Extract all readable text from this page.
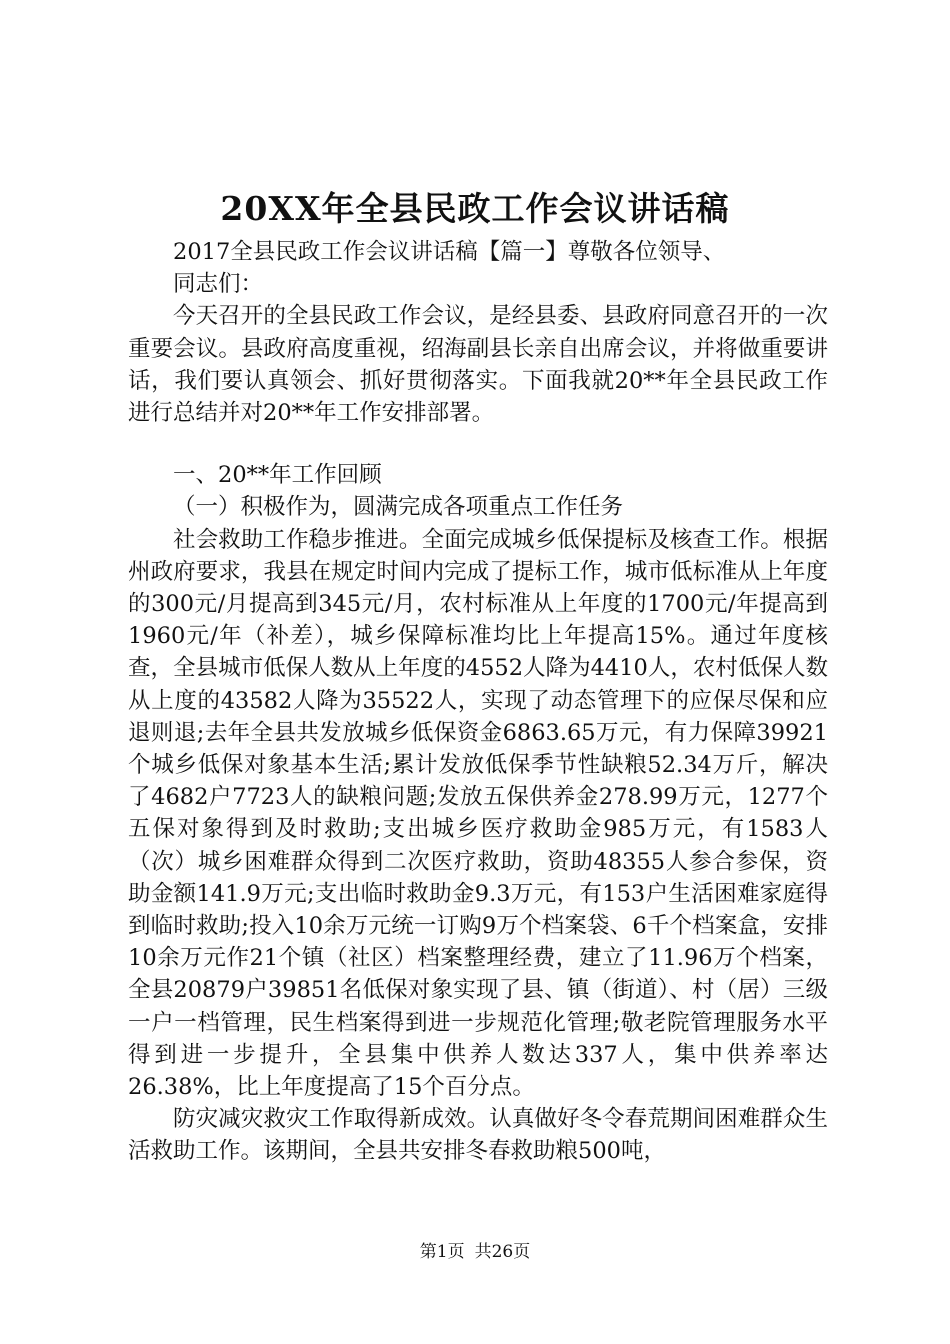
20XX年全县民政工作会议讲话稿

2017全县民政工作会议讲话稿【篇一】尊敬各位领导、

同志们：

今天召开的全县民政工作会议，是经县委、县政府同意召开的一次重要会议。县政府高度重视，绍海副县长亲自出席会议，并将做重要讲话，我们要认真领会、抓好贯彻落实。下面我就20**年全县民政工作进行总结并对20**年工作安排部署。

一、20**年工作回顾

（一）积极作为，圆满完成各项重点工作任务

社会救助工作稳步推进。全面完成城乡低保提标及核查工作。根据州政府要求，我县在规定时间内完成了提标工作，城市低标准从上年度的300元/月提高到345元/月，农村标准从上年度的1700元/年提高到1960元/年（补差），城乡保障标准均比上年提高15%。通过年度核查，全县城市低保人数从上年度的4552人降为4410人，农村低保人数从上度的43582人降为35522人，实现了动态管理下的应保尽保和应退则退;去年全县共发放城乡低保资金6863.65万元，有力保障39921个城乡低保对象基本生活;累计发放低保季节性缺粮52.34万斤，解决了4682户7723人的缺粮问题;发放五保供养金278.99万元，1277个五保对象得到及时救助;支出城乡医疗救助金985万元，有1583人（次）城乡困难群众得到二次医疗救助，资助48355人参合参保，资助金额141.9万元;支出临时救助金9.3万元，有153户生活困难家庭得到临时救助;投入10余万元统一订购9万个档案袋、6千个档案盒，安排10余万元作21个镇（社区）档案整理经费，建立了11.96万个档案，全县20879户39851名低保对象实现了县、镇（街道）、村（居）三级一户一档管理，民生档案得到进一步规范化管理;敬老院管理服务水平得到进一步提升，全县集中供养人数达337人，集中供养率达26.38%，比上年度提高了15个百分点。

防灾减灾救灾工作取得新成效。认真做好冬令春荒期间困难群众生活救助工作。该期间，全县共安排冬春救助粮500吨，

第1页 共26页
